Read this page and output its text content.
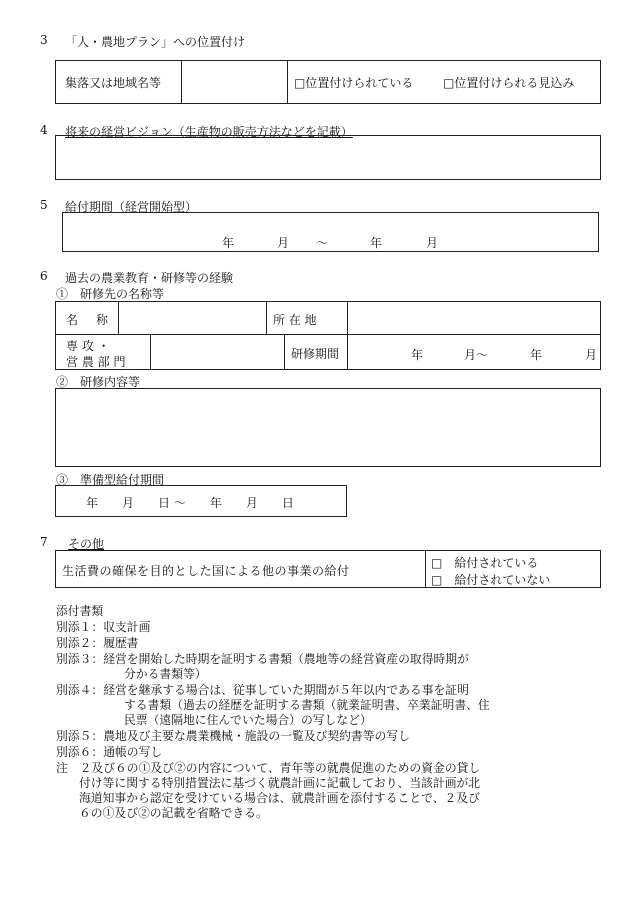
3 「人・農地プラン」への位置付け
集落又は地域名等	□位置付けられている □位置付けられる見込み
4 将来の経営ビジョン（生産物の販売方法などを記載）
5 給付期間（経営開始型）
年	月 ～	年	月
6 過去の農業教育・研修等の経験
①　研修先の名称等
名　称	所 在 地
専 攻 ・
営 農 部 門
研修期間	年	月～	年	月
②　研修内容等
③　準備型給付期間
年　　月　　日 ～　　年　　月　　日
7 その他
生活費の確保を目的とした国による他の事業の給付
□　給付されている
□　給付されていない
添付書類
別添１：収支計画
別添２：履歴書
別添３：経営を開始した時期を証明する書類（農地等の経営資産の取得時期が
分かる書類等）
別添４：経営を継承する場合は、従事していた期間が５年以内である事を証明
する書類（過去の経歴を証明する書類（就業証明書、卒業証明書、住
民票（遠隔地に住んでいた場合）の写しなど）
別添５：農地及び主要な農業機械・施設の一覧及び契約書等の写し
別添６：通帳の写し
注　２及び６の①及び②の内容について、青年等の就農促進のための資金の貸し
付け等に関する特別措置法に基づく就農計画に記載しており、当該計画が北
海道知事から認定を受けている場合は、就農計画を添付することで、２及び
６の①及び②の記載を省略できる。
